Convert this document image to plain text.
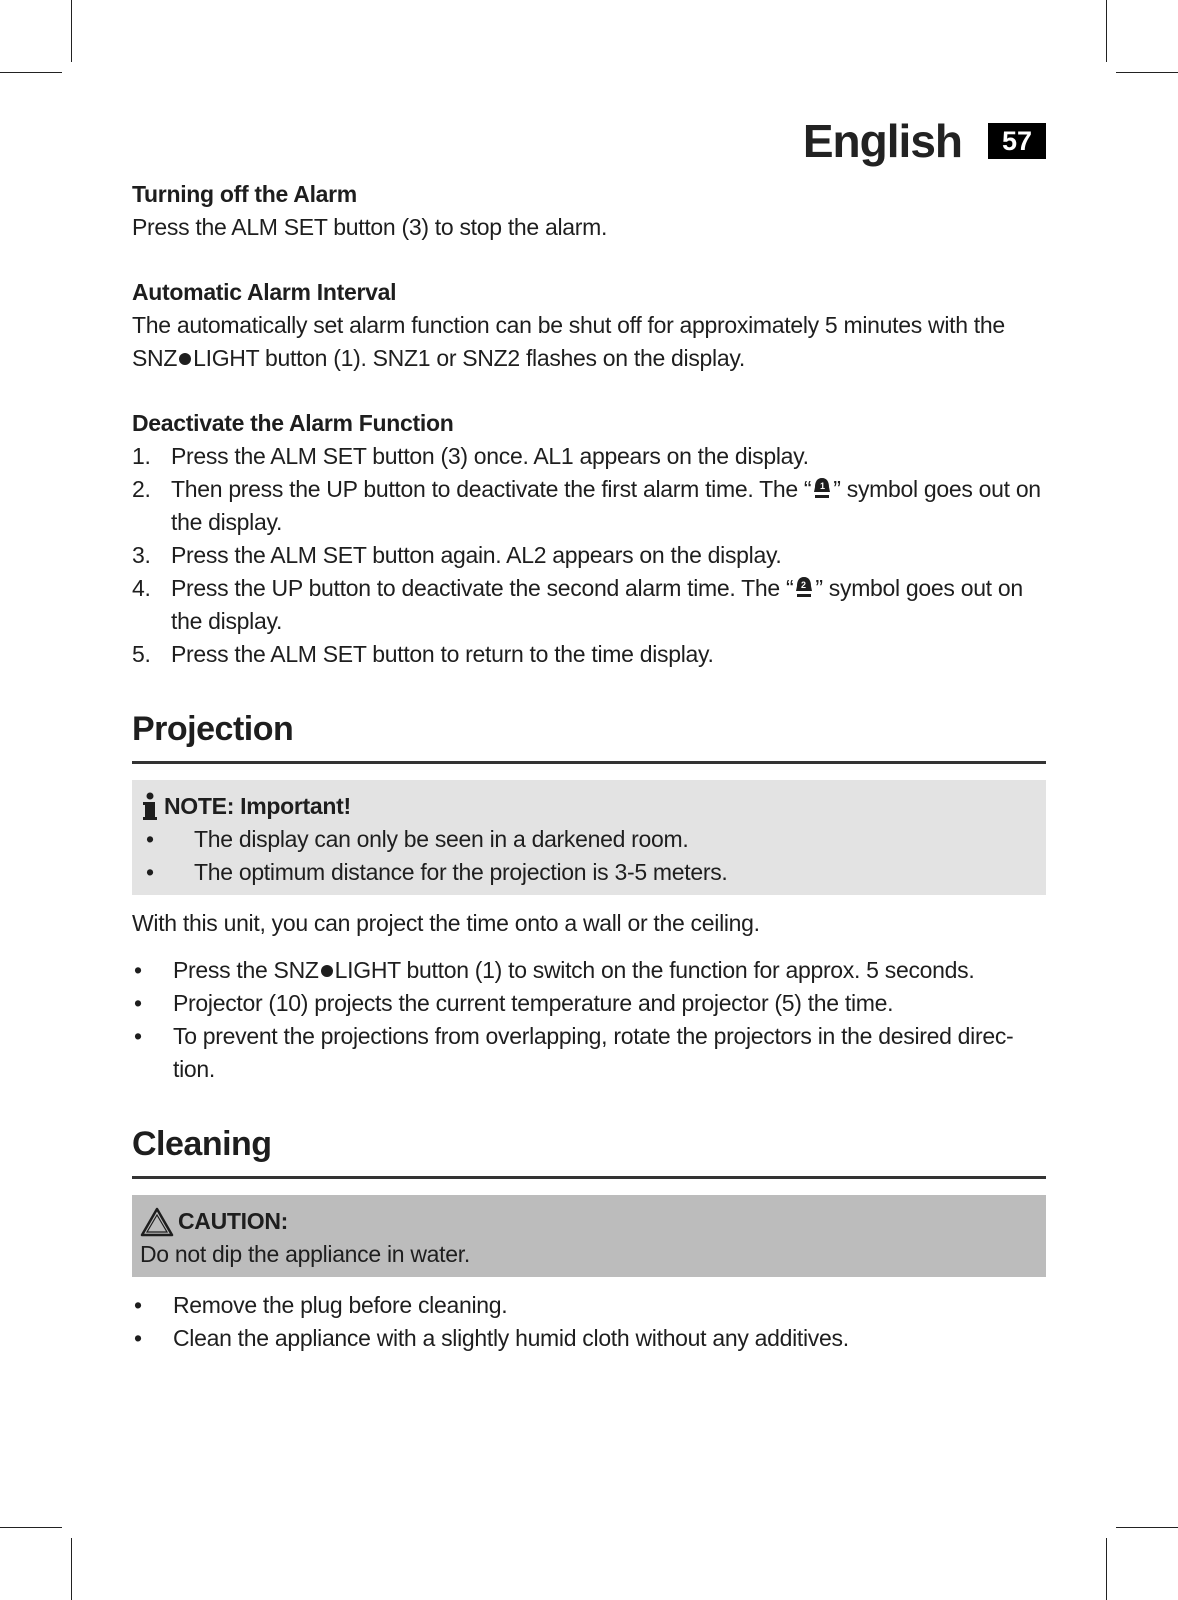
English	57
Turning off the Alarm

Press the ALM SET button (3) to stop the alarm.

Automatic Alarm Interval

The automatically set alarm function can be shut off for approximately 5 minutes with the SNZ LIGHT button (1). SNZ1 or SNZ2 flashes on the display.

Deactivate the Alarm Function
1. Press the ALM SET button (3) once. AL1 appears on the display.
2. Then press the UP button to deactivate the first alarm time. The “ 1 ” symbol goes out on the display.
3. Press the ALM SET button again. AL2 appears on the display.
4. Press the UP button to deactivate the second alarm time. The “ 2 ” symbol goes out on the display.
5. Press the ALM SET button to return to the time display.
Projection
NOTE: Important!
•	The display can only be seen in a darkened room.
•	The optimum distance for the projection is 3-5 meters.

With this unit, you can project the time onto a wall or the ceiling.

•	Press the SNZ LIGHT button (1) to switch on the function for approx. 5 seconds.
•	Projector (10) projects the current temperature and projector (5) the time.
•	To prevent the projections from overlapping, rotate the projectors in the desired direc-tion.
Cleaning
CAUTION:

Do not dip the appliance in water.

•	Remove the plug before cleaning.
•	Clean the appliance with a slightly humid cloth without any additives.
